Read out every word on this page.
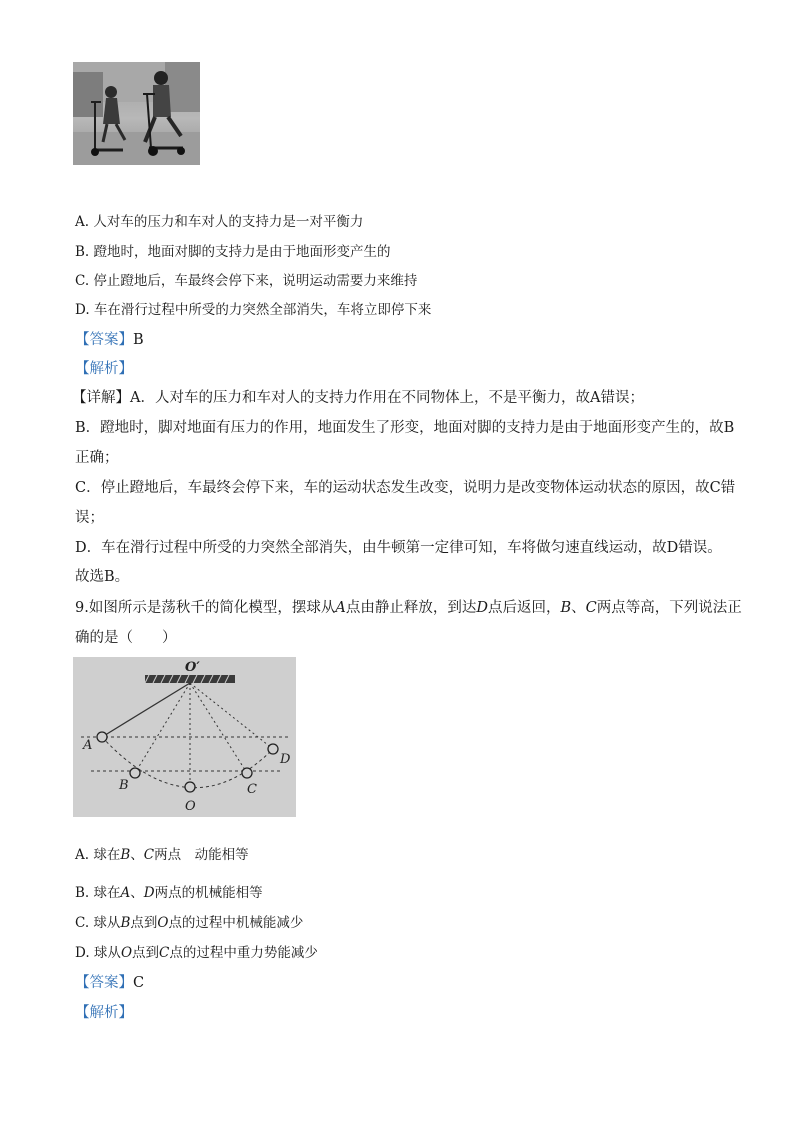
A. 人对车的压力和车对人的支持力是一对平衡力
B. 蹬地时，地面对脚的支持力是由于地面形变产生的
C. 停止蹬地后，车最终会停下来，说明运动需要力来维持
D. 车在滑行过程中所受的力突然全部消失，车将立即停下来
【答案】B
【解析】
【详解】A．人对车的压力和车对人的支持力作用在不同物体上，不是平衡力，故A错误；
B．蹬地时，脚对地面有压力的作用，地面发生了形变，地面对脚的支持力是由于地面形变产生的，故B
正确；
C．停止蹬地后，车最终会停下来，车的运动状态发生改变，说明力是改变物体运动状态的原因，故C错
误；
D．车在滑行过程中所受的力突然全部消失，由牛顿第一定律可知，车将做匀速直线运动，故D错误。
故选B。
9.如图所示是荡秋千的简化模型，摆球从A点由静止释放，到达D点后返回，B、C两点等高，下列说法正
确的是（　　）
O′
A
B
O
C
D
A. 球在B、C两点　动能相等
B. 球在A、D两点的机械能相等
C. 球从B点到O点的过程中机械能减少
D. 球从O点到C点的过程中重力势能减少
【答案】C
【解析】
